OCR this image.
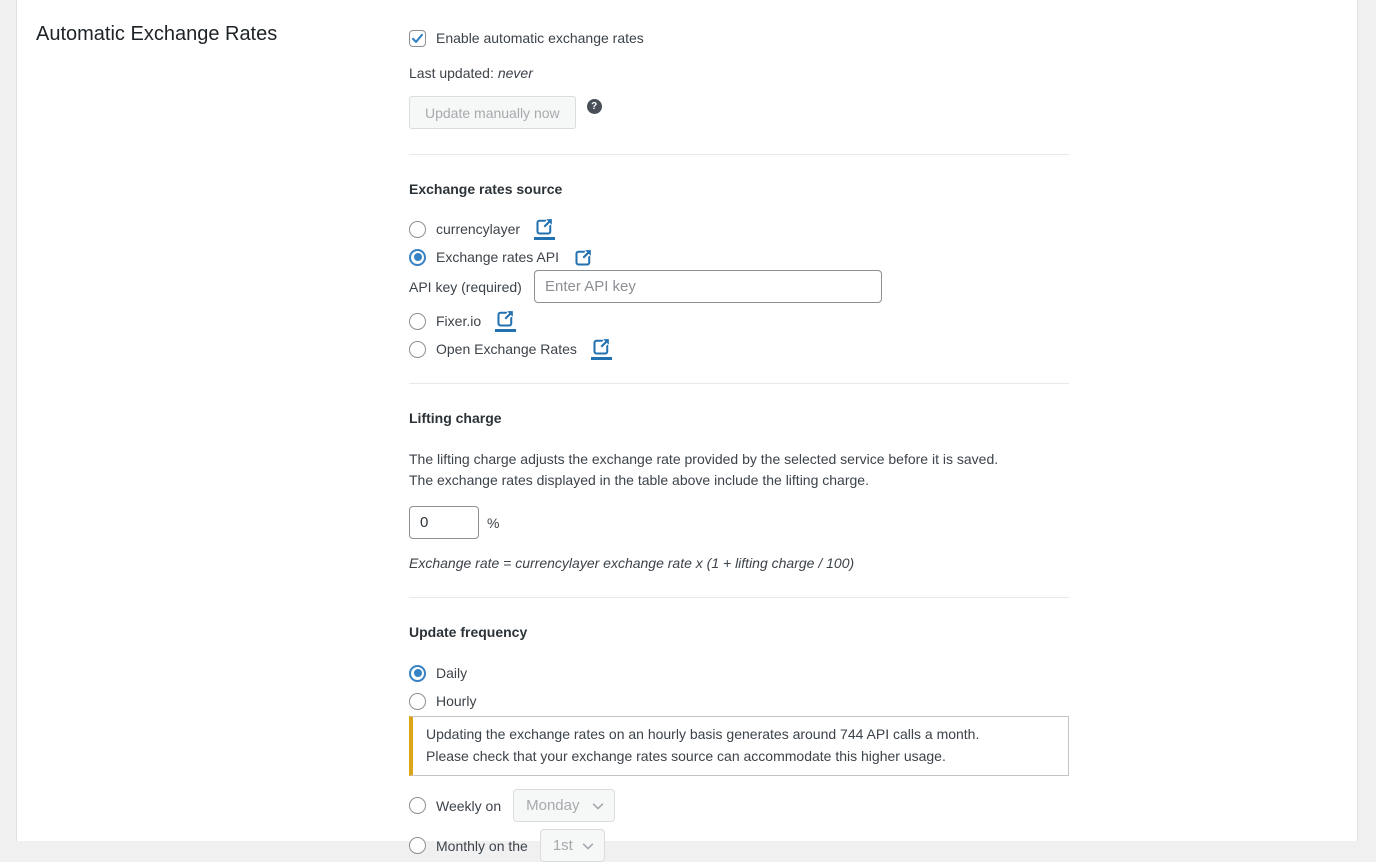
Automatic Exchange Rates	Enable automatic exchange rates

Last updated: never

Update manually now	?
Exchange rates source
currencylayer
Exchange rates API
API key (required)
Enter API key
Fixer.io
Open Exchange Rates
Lifting charge

The lifting charge adjusts the exchange rate provided by the selected service before it is saved.
The exchange rates displayed in the table above include the lifting charge.

0
%

Exchange rate = currencylayer exchange rate x (1 + lifting charge / 100)

Update frequency
Daily
Hourly
Updating the exchange rates on an hourly basis generates around 744 API calls a month.
Please check that your exchange rates source can accommodate this higher usage.
Weekly on Monday
Monthly on the 1st
